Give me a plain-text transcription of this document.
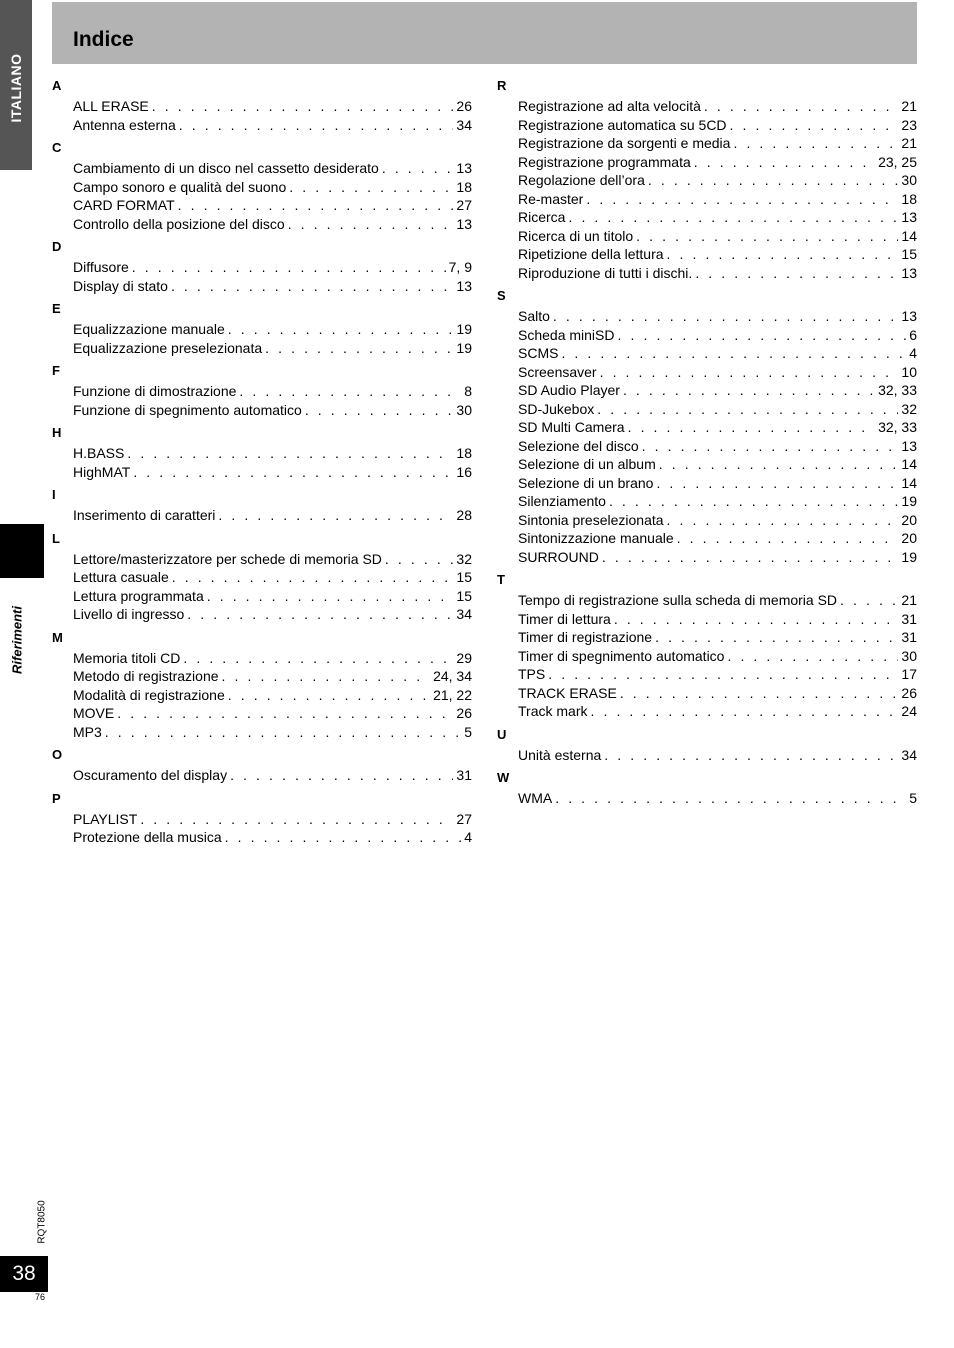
ITALIANO
Riferimenti
RQT8050
38
76
Indice
A
ALL ERASE . . .	26
Antenna esterna . . .	34
C
Cambiamento di un disco nel cassetto desiderato . . .	13
Campo sonoro e qualità del suono . . .	18
CARD FORMAT . . .	27
Controllo della posizione del disco . . .	13
D
Diffusore . . .	7, 9
Display di stato . . .	13
E
Equalizzazione manuale . . .	19
Equalizzazione preselezionata . . .	19
F
Funzione di dimostrazione . . .	8
Funzione di spegnimento automatico . . .	30
H
H.BASS . . .	18
HighMAT . . .	16
I
Inserimento di caratteri . . .	28
L
Lettore/masterizzatore per schede di memoria SD . . .	32
Lettura casuale . . .	15
Lettura programmata . . .	15
Livello di ingresso . . .	34
M
Memoria titoli CD . . .	29
Metodo di registrazione . . .	24, 34
Modalità di registrazione . . .	21, 22
MOVE . . .	26
MP3 . . .	5
O
Oscuramento del display . . .	31
P
PLAYLIST . . .	27
Protezione della musica . . .	4
R
Registrazione ad alta velocità . . .	21
Registrazione automatica su 5CD . . .	23
Registrazione da sorgenti e media . . .	21
Registrazione programmata . . .	23, 25
Regolazione dell’ora . . .	30
Re-master . . .	18
Ricerca . . .	13
Ricerca di un titolo . . .	14
Ripetizione della lettura . . .	15
Riproduzione di tutti i dischi. . . .	13
S
Salto . . .	13
Scheda miniSD . . .	6
SCMS . . .	4
Screensaver . . .	10
SD Audio Player . . .	32, 33
SD-Jukebox . . .	32
SD Multi Camera . . .	32, 33
Selezione del disco . . .	13
Selezione di un album . . .	14
Selezione di un brano . . .	14
Silenziamento . . .	19
Sintonia preselezionata . . .	20
Sintonizzazione manuale . . .	20
SURROUND . . .	19
T
Tempo di registrazione sulla scheda di memoria SD . . .	21
Timer di lettura . . .	31
Timer di registrazione . . .	31
Timer di spegnimento automatico . . .	30
TPS . . .	17
TRACK ERASE . . .	26
Track mark . . .	24
U
Unità esterna . . .	34
W
WMA . . .	5
